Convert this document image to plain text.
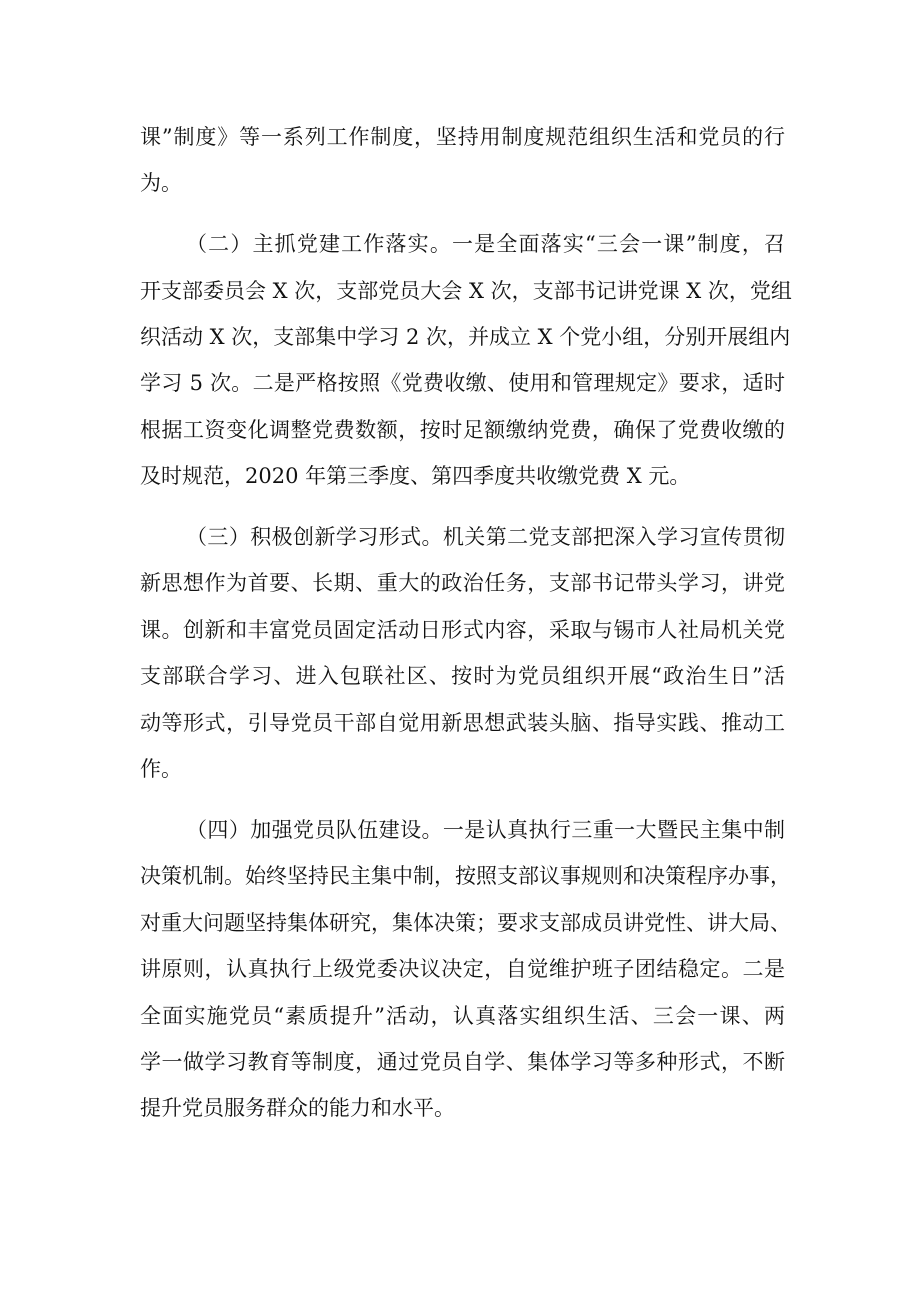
课”制度》等一系列工作制度，坚持用制度规范组织生活和党员的行

为。

（二）主抓党建工作落实。一是全面落实“三会一课”制度，召

开支部委员会 X 次，支部党员大会 X 次，支部书记讲党课 X 次，党组

织活动 X 次，支部集中学习 2 次，并成立 X 个党小组，分别开展组内

学习 5 次。二是严格按照《党费收缴、使用和管理规定》要求，适时

根据工资变化调整党费数额，按时足额缴纳党费，确保了党费收缴的

及时规范，2020 年第三季度、第四季度共收缴党费 X 元。

（三）积极创新学习形式。机关第二党支部把深入学习宣传贯彻

新思想作为首要、长期、重大的政治任务，支部书记带头学习，讲党

课。创新和丰富党员固定活动日形式内容，采取与锡市人社局机关党

支部联合学习、进入包联社区、按时为党员组织开展“政治生日”活

动等形式，引导党员干部自觉用新思想武装头脑、指导实践、推动工

作。

（四）加强党员队伍建设。一是认真执行三重一大暨民主集中制

决策机制。始终坚持民主集中制，按照支部议事规则和决策程序办事，

对重大问题坚持集体研究，集体决策；要求支部成员讲党性、讲大局、

讲原则，认真执行上级党委决议决定，自觉维护班子团结稳定。二是

全面实施党员“素质提升”活动，认真落实组织生活、三会一课、两

学一做学习教育等制度，通过党员自学、集体学习等多种形式，不断

提升党员服务群众的能力和水平。
